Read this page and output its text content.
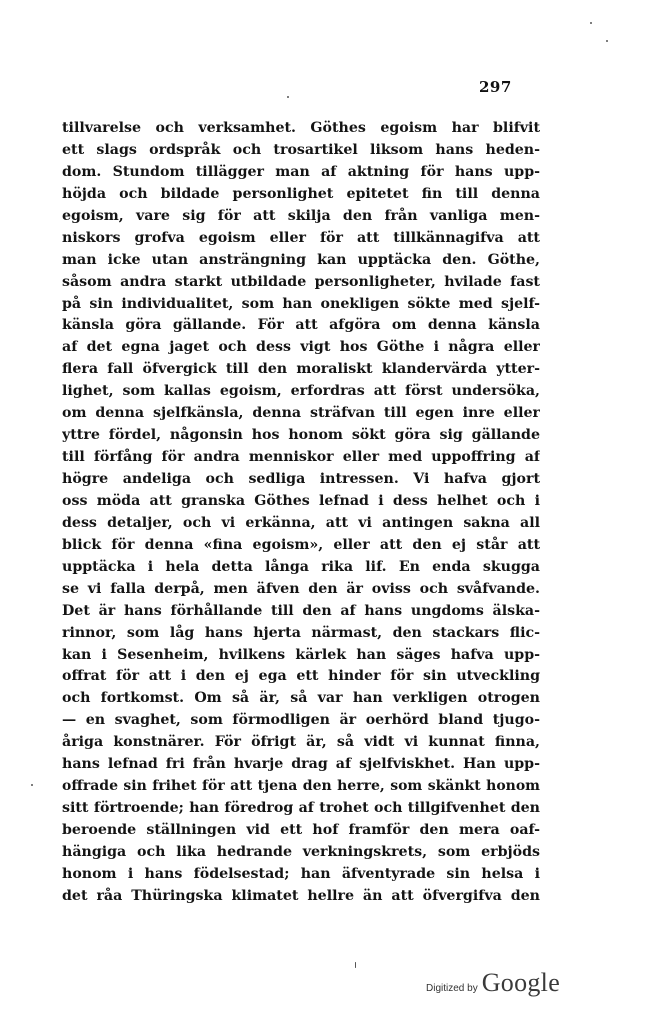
297
tillvarelse och verksamhet. Göthes egoism har blifvit
ett slags ordspråk och trosartikel liksom hans heden-
dom. Stundom tillägger man af aktning för hans upp-
höjda och bildade personlighet epitetet fin till denna
egoism, vare sig för att skilja den från vanliga men-
niskors grofva egoism eller för att tillkännagifva att
man icke utan ansträngning kan upptäcka den. Göthe,
såsom andra starkt utbildade personligheter, hvilade fast
på sin individualitet, som han onekligen sökte med sjelf-
känsla göra gällande. För att afgöra om denna känsla
af det egna jaget och dess vigt hos Göthe i några eller
flera fall öfvergick till den moraliskt klandervärda ytter-
lighet, som kallas egoism, erfordras att först undersöka,
om denna sjelfkänsla, denna sträfvan till egen inre eller
yttre fördel, någonsin hos honom sökt göra sig gällande
till förfång för andra menniskor eller med uppoffring af
högre andeliga och sedliga intressen. Vi hafva gjort
oss möda att granska Göthes lefnad i dess helhet och i
dess detaljer, och vi erkänna, att vi antingen sakna all
blick för denna «fina egoism», eller att den ej står att
upptäcka i hela detta långa rika lif. En enda skugga
se vi falla derpå, men äfven den är oviss och svåfvande.
Det är hans förhållande till den af hans ungdoms älska-
rinnor, som låg hans hjerta närmast, den stackars flic-
kan i Sesenheim, hvilkens kärlek han säges hafva upp-
offrat för att i den ej ega ett hinder för sin utveckling
och fortkomst. Om så är, så var han verkligen otrogen
— en svaghet, som förmodligen är oerhörd bland tjugo-
åriga konstnärer. För öfrigt är, så vidt vi kunnat finna,
hans lefnad fri från hvarje drag af sjelfviskhet. Han upp-
offrade sin frihet för att tjena den herre, som skänkt honom
sitt förtroende; han föredrog af trohet och tillgifvenhet den
beroende ställningen vid ett hof framför den mera oaf-
hängiga och lika hedrande verkningskrets, som erbjöds
honom i hans födelsestad; han äfventyrade sin helsa i
det råa Thüringska klimatet hellre än att öfvergifva den
Digitized by Google
